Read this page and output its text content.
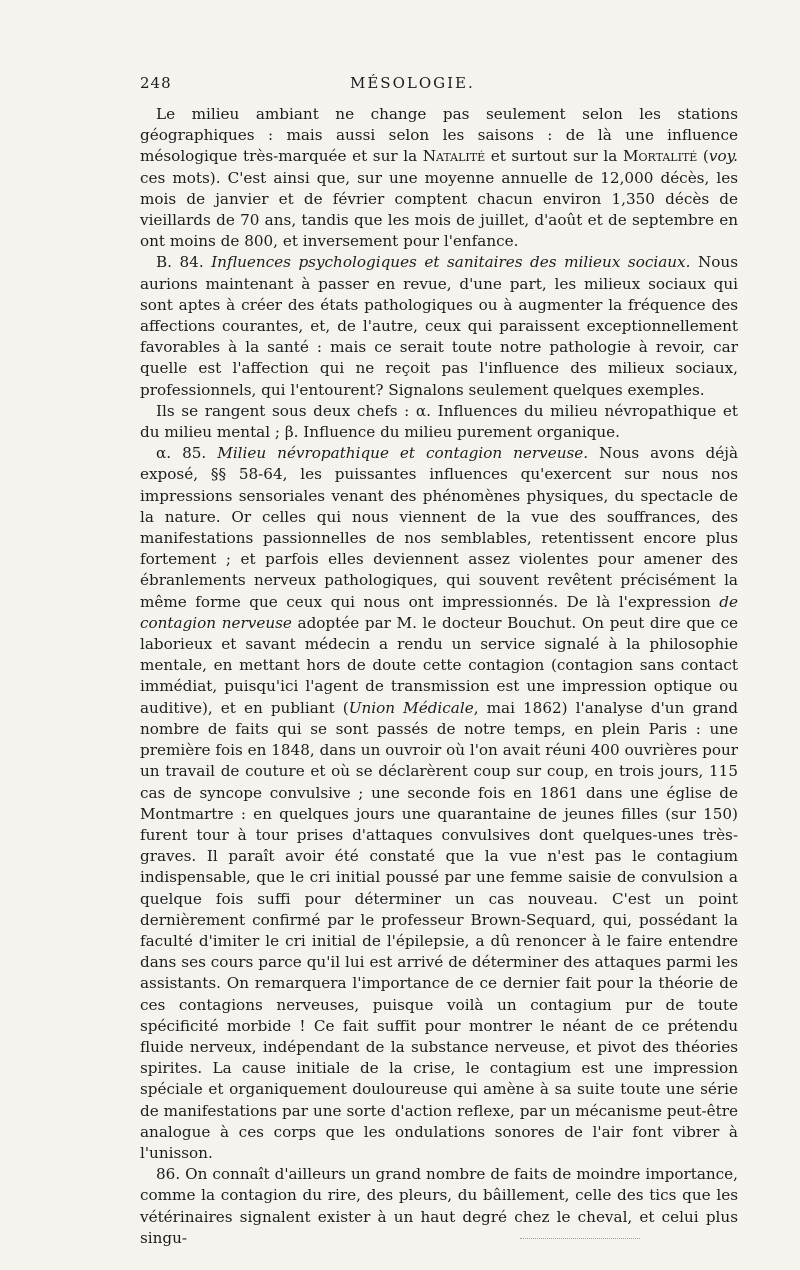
248	MÉSOLOGIE.

Le milieu ambiant ne change pas seulement selon les stations géographiques : mais aussi selon les saisons : de là une influence mésologique très-marquée et sur la Natalité et surtout sur la Mortalité (voy. ces mots). C'est ainsi que, sur une moyenne annuelle de 12,000 décès, les mois de janvier et de février comptent chacun environ 1,350 décès de vieillards de 70 ans, tandis que les mois de juillet, d'août et de septembre en ont moins de 800, et inversement pour l'enfance.

B. 84. Influences psychologiques et sanitaires des milieux sociaux. Nous aurions maintenant à passer en revue, d'une part, les milieux sociaux qui sont aptes à créer des états pathologiques ou à augmenter la fréquence des affections courantes, et, de l'autre, ceux qui paraissent exceptionnellement favorables à la santé : mais ce serait toute notre pathologie à revoir, car quelle est l'affection qui ne reçoit pas l'influence des milieux sociaux, professionnels, qui l'entourent? Signalons seulement quelques exemples.

Ils se rangent sous deux chefs : α. Influences du milieu névropathique et du milieu mental ; β. Influence du milieu purement organique.

α. 85. Milieu névropathique et contagion nerveuse. Nous avons déjà exposé, §§ 58-64, les puissantes influences qu'exercent sur nous nos impressions sensoriales venant des phénomènes physiques, du spectacle de la nature. Or celles qui nous viennent de la vue des souffrances, des manifestations passionnelles de nos semblables, retentissent encore plus fortement ; et parfois elles deviennent assez violentes pour amener des ébranlements nerveux pathologiques, qui souvent revêtent précisément la même forme que ceux qui nous ont impressionnés. De là l'expression de contagion nerveuse adoptée par M. le docteur Bouchut. On peut dire que ce laborieux et savant médecin a rendu un service signalé à la philosophie mentale, en mettant hors de doute cette contagion (contagion sans contact immédiat, puisqu'ici l'agent de transmission est une impression optique ou auditive), et en publiant (Union Médicale, mai 1862) l'analyse d'un grand nombre de faits qui se sont passés de notre temps, en plein Paris : une première fois en 1848, dans un ouvroir où l'on avait réuni 400 ouvrières pour un travail de couture et où se déclarèrent coup sur coup, en trois jours, 115 cas de syncope convulsive ; une seconde fois en 1861 dans une église de Montmartre : en quelques jours une quarantaine de jeunes filles (sur 150) furent tour à tour prises d'attaques convulsives dont quelques-unes très-graves. Il paraît avoir été constaté que la vue n'est pas le contagium indispensable, que le cri initial poussé par une femme saisie de convulsion a quelque fois suffi pour déterminer un cas nouveau. C'est un point dernièrement confirmé par le professeur Brown-Sequard, qui, possédant la faculté d'imiter le cri initial de l'épilepsie, a dû renoncer à le faire entendre dans ses cours parce qu'il lui est arrivé de déterminer des attaques parmi les assistants. On remarquera l'importance de ce dernier fait pour la théorie de ces contagions nerveuses, puisque voilà un contagium pur de toute spécificité morbide ! Ce fait suffit pour montrer le néant de ce prétendu fluide nerveux, indépendant de la substance nerveuse, et pivot des théories spirites. La cause initiale de la crise, le contagium est une impression spéciale et organiquement douloureuse qui amène à sa suite toute une série de manifestations par une sorte d'action reflexe, par un mécanisme peut-être analogue à ces corps que les ondulations sonores de l'air font vibrer à l'unisson.

86. On connaît d'ailleurs un grand nombre de faits de moindre importance, comme la contagion du rire, des pleurs, du bâillement, celle des tics que les vétérinaires signalent exister à un haut degré chez le cheval, et celui plus singu-
